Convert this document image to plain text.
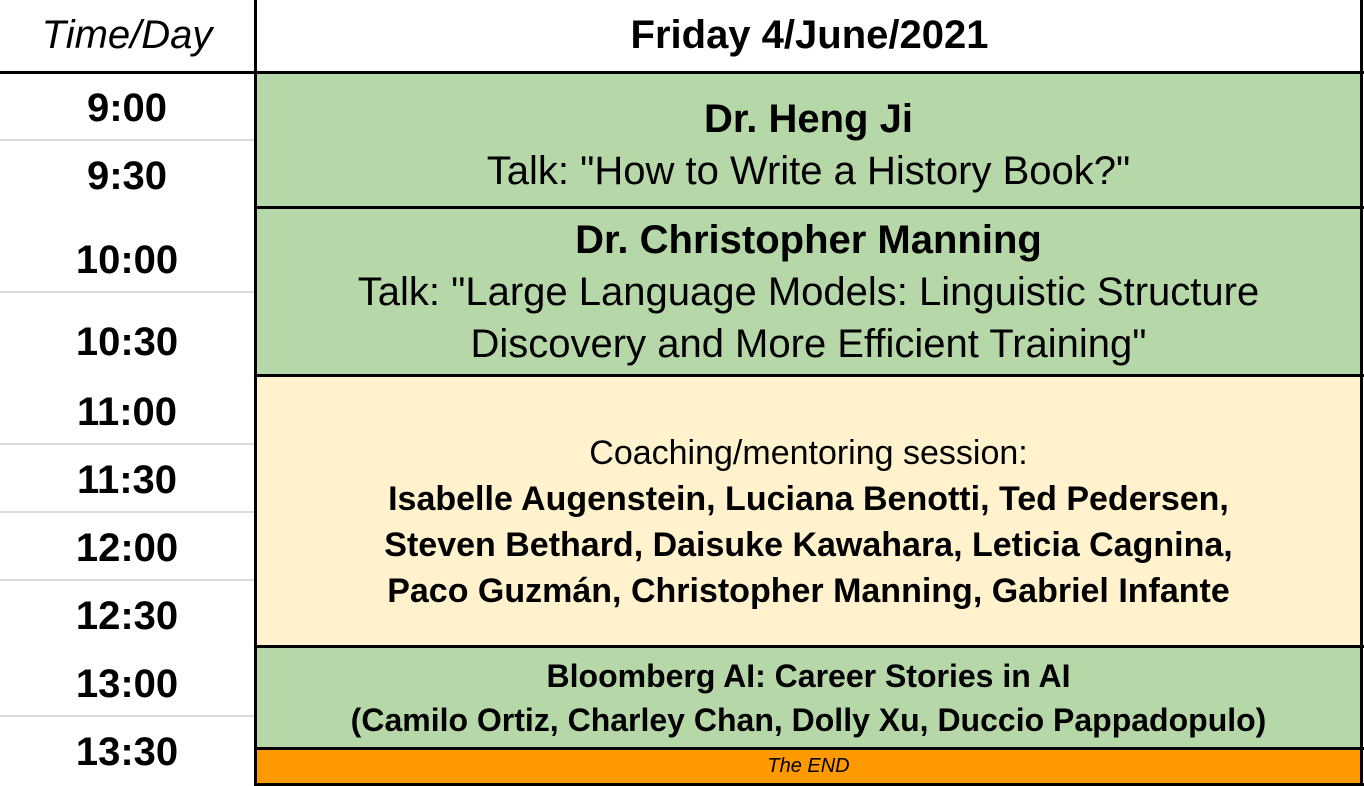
Time/Day	Friday 4/June/2021
9:00
9:30
10:00
10:30
11:00
11:30
12:00
12:30
13:00
13:30
Dr. Heng Ji
Talk: "How to Write a History Book?"
Dr. Christopher Manning
Talk: "Large Language Models: Linguistic Structure
Discovery and More Efficient Training"
Coaching/mentoring session:
Isabelle Augenstein, Luciana Benotti, Ted Pedersen,
Steven Bethard, Daisuke Kawahara, Leticia Cagnina,
Paco Guzmán, Christopher Manning, Gabriel Infante
Bloomberg AI: Career Stories in AI
(Camilo Ortiz, Charley Chan, Dolly Xu, Duccio Pappadopulo)
The END
